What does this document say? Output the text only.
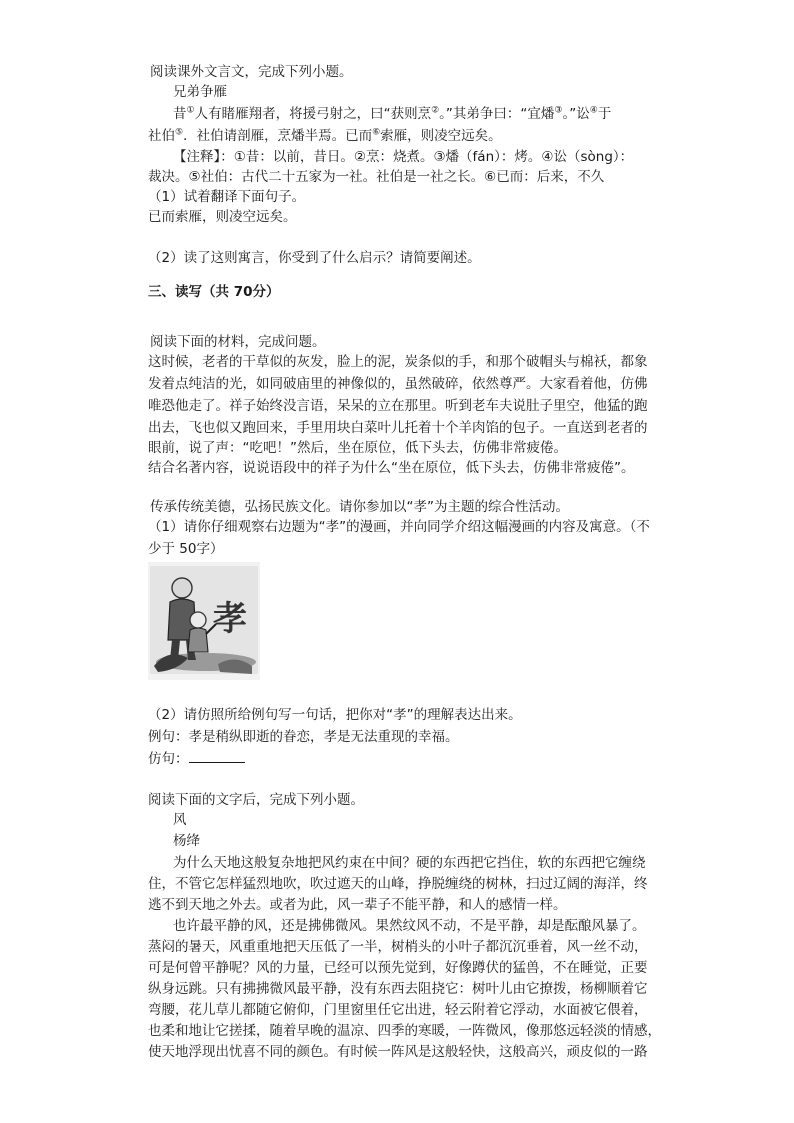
阅读课外文言文，完成下列小题。
兄弟争雁
昔①人有睹雁翔者，将援弓射之，曰“获则烹②。”其弟争曰：“宜燔③。”讼④于
社伯⑤．社伯请剖雁，烹燔半焉。已而⑥索雁，则凌空远矣。
【注释】：①昔：以前，昔日。②烹：烧煮。③燔（fán）：烤。④讼（sòng）：
裁决。⑤社伯：古代二十五家为一社。社伯是一社之长。⑥已而：后来，不久
（1）试着翻译下面句子。
已而索雁，则凌空远矣。
（2）读了这则寓言，你受到了什么启示？请简要阐述。
三、读写（共 70分）
阅读下面的材料，完成问题。
这时候，老者的干草似的灰发，脸上的泥，炭条似的手，和那个破帽头与棉袄，都象
发着点纯洁的光，如同破庙里的神像似的，虽然破碎，依然尊严。大家看着他，仿佛
唯恐他走了。祥子始终没言语，呆呆的立在那里。听到老车夫说肚子里空，他猛的跑
出去，飞也似又跑回来，手里用块白菜叶儿托着十个羊肉馅的包子。一直送到老者的
眼前，说了声：“吃吧！”然后，坐在原位，低下头去，仿佛非常疲倦。
结合名著内容，说说语段中的祥子为什么“坐在原位，低下头去，仿佛非常疲倦”。
传承传统美德，弘扬民族文化。请你参加以“孝”为主题的综合性活动。
（1）请你仔细观察右边题为“孝”的漫画，并向同学介绍这幅漫画的内容及寓意。（不
少于 50字）
孝
（2）请仿照所给例句写一句话，把你对“孝”的理解表达出来。
例句：孝是稍纵即逝的眷恋，孝是无法重现的幸福。
仿句：
阅读下面的文字后，完成下列小题。
风
杨绛
为什么天地这般复杂地把风约束在中间？硬的东西把它挡住，软的东西把它缠绕
住，不管它怎样猛烈地吹，吹过遮天的山峰，挣脱缠绕的树林，扫过辽阔的海洋，终
逃不到天地之外去。或者为此，风一辈子不能平静，和人的感情一样。
也许最平静的风，还是拂佛微风。果然纹风不动，不是平静，却是酝酿风暴了。
蒸闷的暑天，风重重地把天压低了一半，树梢头的小叶子都沉沉垂着，风一丝不动，
可是何曾平静呢？风的力量，已经可以预先觉到，好像蹲伏的猛兽，不在睡觉，正要
纵身远跳。只有拂拂微风最平静，没有东西去阻挠它：树叶儿由它撩拨，杨柳顺着它
弯腰，花儿草儿都随它俯仰，门里窗里任它出进，轻云附着它浮动，水面被它偎着，
也柔和地让它搓揉，随着早晚的温凉、四季的寒暖，一阵微风，像那悠远轻淡的情感，
使天地浮现出忧喜不同的颜色。有时候一阵风是这般轻快，这般高兴，顽皮似的一路
